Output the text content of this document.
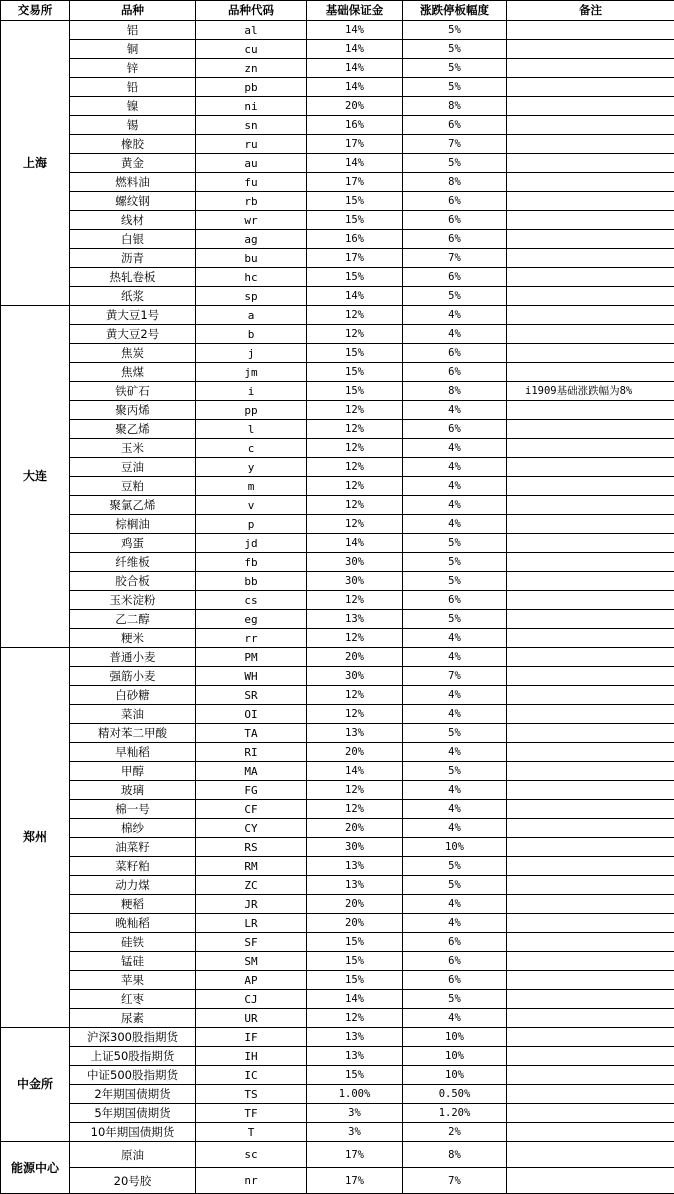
交易所	品种	品种代码	基础保证金	涨跌停板幅度	备注
上海	铝	al	14%	5%	
	铜	cu	14%	5%	
	锌	zn	14%	5%	
	铅	pb	14%	5%	
	镍	ni	20%	8%	
	锡	sn	16%	6%	
	橡胶	ru	17%	7%	
	黄金	au	14%	5%	
	燃料油	fu	17%	8%	
	螺纹钢	rb	15%	6%	
	线材	wr	15%	6%	
	白银	ag	16%	6%	
	沥青	bu	17%	7%	
	热轧卷板	hc	15%	6%	
	纸浆	sp	14%	5%	
大连	黄大豆1号	a	12%	4%	
	黄大豆2号	b	12%	4%	
	焦炭	j	15%	6%	
	焦煤	jm	15%	6%	
	铁矿石	i	15%	8%	i1909基础涨跌幅为8%
	聚丙烯	pp	12%	4%	
	聚乙烯	l	12%	6%	
	玉米	c	12%	4%	
	豆油	y	12%	4%	
	豆粕	m	12%	4%	
	聚氯乙烯	v	12%	4%	
	棕榈油	p	12%	4%	
	鸡蛋	jd	14%	5%	
	纤维板	fb	30%	5%	
	胶合板	bb	30%	5%	
	玉米淀粉	cs	12%	6%	
	乙二醇	eg	13%	5%	
	粳米	rr	12%	4%	
郑州	普通小麦	PM	20%	4%	
	强筋小麦	WH	30%	7%	
	白砂糖	SR	12%	4%	
	菜油	OI	12%	4%	
	精对苯二甲酸	TA	13%	5%	
	早籼稻	RI	20%	4%	
	甲醇	MA	14%	5%	
	玻璃	FG	12%	4%	
	棉一号	CF	12%	4%	
	棉纱	CY	20%	4%	
	油菜籽	RS	30%	10%	
	菜籽粕	RM	13%	5%	
	动力煤	ZC	13%	5%	
	粳稻	JR	20%	4%	
	晚籼稻	LR	20%	4%	
	硅铁	SF	15%	6%	
	锰硅	SM	15%	6%	
	苹果	AP	15%	6%	
	红枣	CJ	14%	5%	
	尿素	UR	12%	4%	
中金所	沪深300股指期货	IF	13%	10%	
	上证50股指期货	IH	13%	10%	
	中证500股指期货	IC	15%	10%	
	2年期国债期货	TS	1.00%	0.50%	
	5年期国债期货	TF	3%	1.20%	
	10年期国债期货	T	3%	2%	
能源中心	原油	sc	17%	8%	
	20号胶	nr	17%	7%	
